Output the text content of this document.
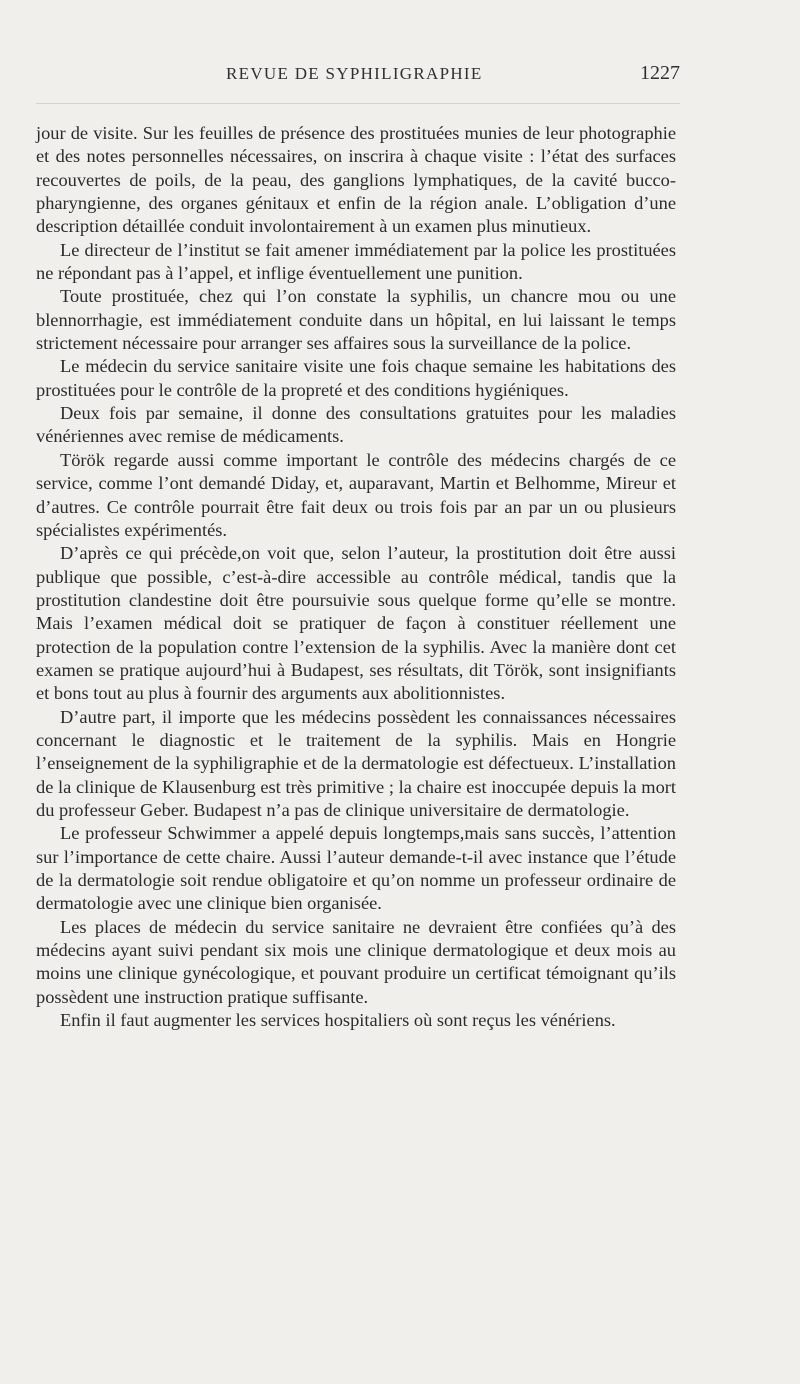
REVUE DE SYPHILIGRAPHIE	1227

jour de visite. Sur les feuilles de présence des prostituées munies de leur photographie et des notes personnelles nécessaires, on inscrira à chaque visite : l’état des surfaces recouvertes de poils, de la peau, des ganglions lymphatiques, de la cavité bucco-pharyngienne, des organes génitaux et enfin de la région anale. L’obligation d’une description détaillée conduit involontairement à un examen plus minutieux.

Le directeur de l’institut se fait amener immédiatement par la police les prostituées ne répondant pas à l’appel, et inflige éventuellement une punition.

Toute prostituée, chez qui l’on constate la syphilis, un chancre mou ou une blennorrhagie, est immédiatement conduite dans un hôpital, en lui laissant le temps strictement nécessaire pour arranger ses affaires sous la surveillance de la police.

Le médecin du service sanitaire visite une fois chaque semaine les habitations des prostituées pour le contrôle de la propreté et des conditions hygiéniques.

Deux fois par semaine, il donne des consultations gratuites pour les maladies vénériennes avec remise de médicaments.

Török regarde aussi comme important le contrôle des médecins chargés de ce service, comme l’ont demandé Diday, et, auparavant, Martin et Belhomme, Mireur et d’autres. Ce contrôle pourrait être fait deux ou trois fois par an par un ou plusieurs spécialistes expérimentés.

D’après ce qui précède,on voit que, selon l’auteur, la prostitution doit être aussi publique que possible, c’est-à-dire accessible au contrôle médical, tandis que la prostitution clandestine doit être poursuivie sous quelque forme qu’elle se montre. Mais l’examen médical doit se pratiquer de façon à constituer réellement une protection de la population contre l’extension de la syphilis. Avec la manière dont cet examen se pratique aujourd’hui à Budapest, ses résultats, dit Török, sont insignifiants et bons tout au plus à fournir des arguments aux abolitionnistes.

D’autre part, il importe que les médecins possèdent les connaissances nécessaires concernant le diagnostic et le traitement de la syphilis. Mais en Hongrie l’enseignement de la syphiligraphie et de la dermatologie est défectueux. L’installation de la clinique de Klausenburg est très primitive ; la chaire est inoccupée depuis la mort du professeur Geber. Budapest n’a pas de clinique universitaire de dermatologie.

Le professeur Schwimmer a appelé depuis longtemps,mais sans succès, l’attention sur l’importance de cette chaire. Aussi l’auteur demande-t-il avec instance que l’étude de la dermatologie soit rendue obligatoire et qu’on nomme un professeur ordinaire de dermatologie avec une clinique bien organisée.

Les places de médecin du service sanitaire ne devraient être confiées qu’à des médecins ayant suivi pendant six mois une clinique dermatologique et deux mois au moins une clinique gynécologique, et pouvant produire un certificat témoignant qu’ils possèdent une instruction pratique suffisante.

Enfin il faut augmenter les services hospitaliers où sont reçus les vénériens.
